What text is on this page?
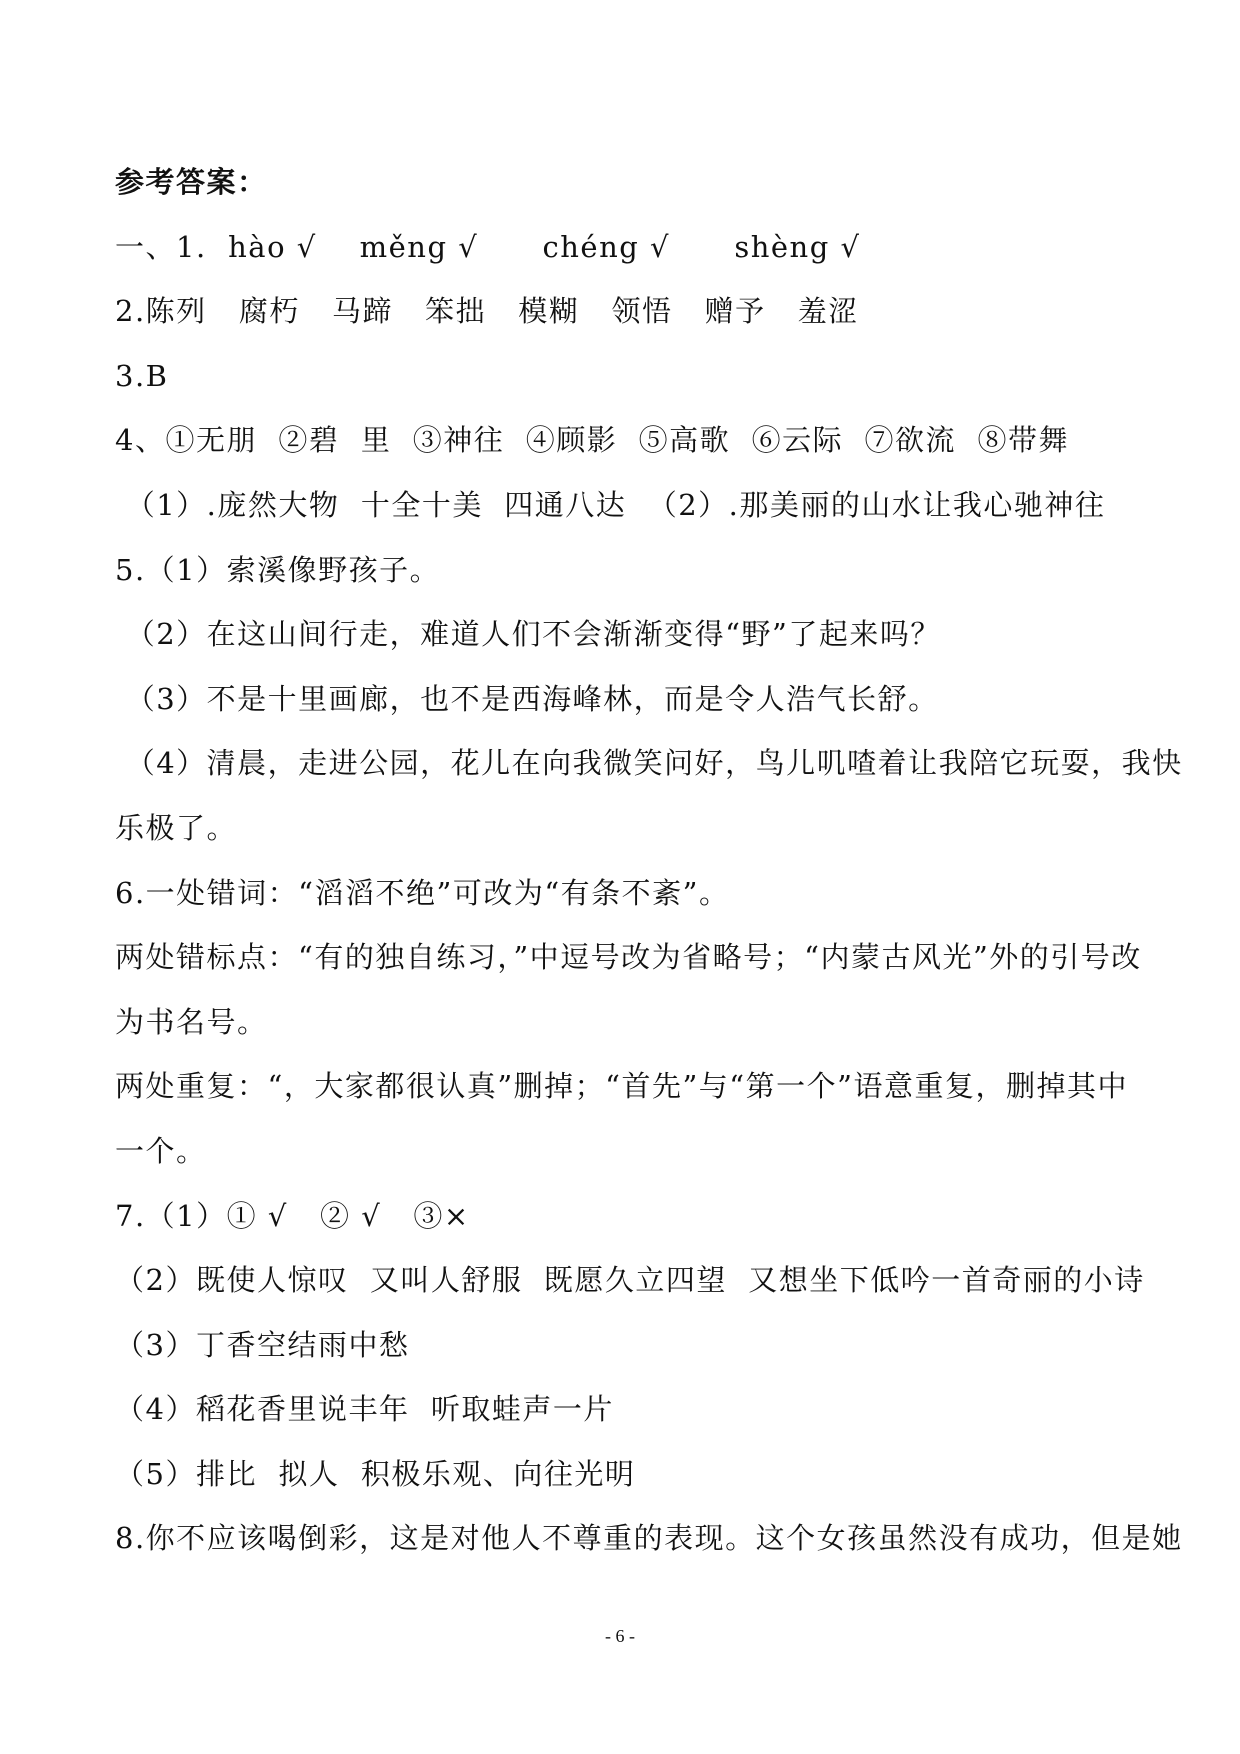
参考答案：
一、1.  hào √    měng √      chéng √      shèng √
2.陈列   腐朽   马蹄   笨拙   模糊   领悟   赠予   羞涩
3.B
4、①无朋  ②碧  里  ③神往  ④顾影  ⑤高歌  ⑥云际  ⑦欲流  ⑧带舞
（1）.庞然大物  十全十美  四通八达  （2）.那美丽的山水让我心驰神往
5.（1）索溪像野孩子。
（2）在这山间行走，难道人们不会渐渐变得“野”了起来吗？
（3）不是十里画廊，也不是西海峰林，而是令人浩气长舒。
（4）清晨，走进公园，花儿在向我微笑问好，鸟儿叽喳着让我陪它玩耍，我快
乐极了。
6.一处错词：“滔滔不绝”可改为“有条不紊”。
两处错标点：“有的独自练习，”中逗号改为省略号；“内蒙古风光”外的引号改
为书名号。
两处重复：“，大家都很认真”删掉；“首先”与“第一个”语意重复，删掉其中
一个。
7.（1）① √   ② √   ③×
（2）既使人惊叹  又叫人舒服  既愿久立四望  又想坐下低吟一首奇丽的小诗
（3）丁香空结雨中愁
（4）稻花香里说丰年  听取蛙声一片
（5）排比  拟人  积极乐观、向往光明
8.你不应该喝倒彩，这是对他人不尊重的表现。这个女孩虽然没有成功，但是她
- 6 -
